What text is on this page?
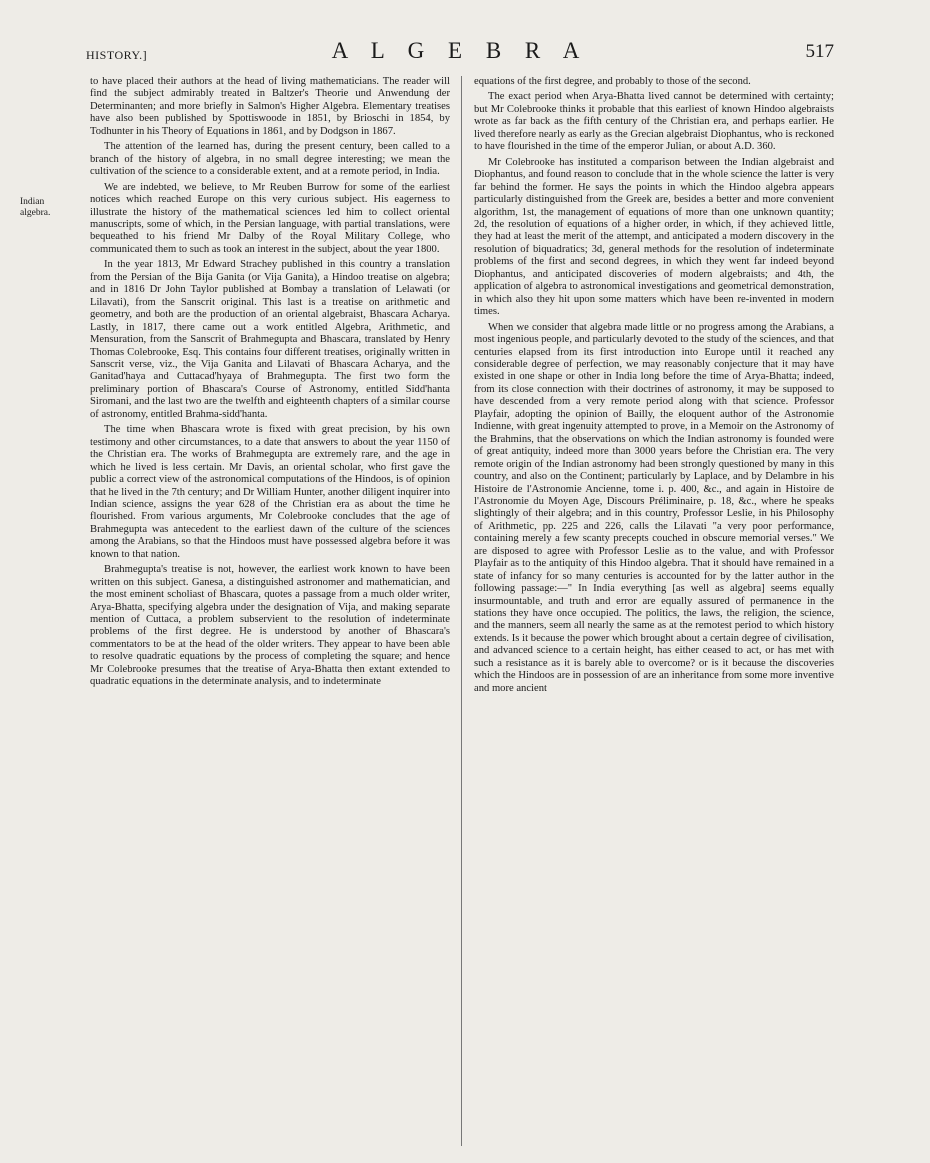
HISTORY.]	A L G E B R A	517
Indian
algebra.

to have placed their authors at the head of living mathematicians. The reader will find the subject admirably treated in Baltzer's Theorie und Anwendung der Determinanten; and more briefly in Salmon's Higher Algebra. Elementary treatises have also been published by Spottiswoode in 1851, by Brioschi in 1854, by Todhunter in his Theory of Equations in 1861, and by Dodgson in 1867.

The attention of the learned has, during the present century, been called to a branch of the history of algebra, in no small degree interesting; we mean the cultivation of the science to a considerable extent, and at a remote period, in India.

We are indebted, we believe, to Mr Reuben Burrow for some of the earliest notices which reached Europe on this very curious subject. His eagerness to illustrate the history of the mathematical sciences led him to collect oriental manuscripts, some of which, in the Persian language, with partial translations, were bequeathed to his friend Mr Dalby of the Royal Military College, who communicated them to such as took an interest in the subject, about the year 1800.

In the year 1813, Mr Edward Strachey published in this country a translation from the Persian of the Bija Ganita (or Vija Ganita), a Hindoo treatise on algebra; and in 1816 Dr John Taylor published at Bombay a translation of Lelawati (or Lilavati), from the Sanscrit original. This last is a treatise on arithmetic and geometry, and both are the production of an oriental algebraist, Bhascara Acharya. Lastly, in 1817, there came out a work entitled Algebra, Arithmetic, and Mensuration, from the Sanscrit of Brahmegupta and Bhascara, translated by Henry Thomas Colebrooke, Esq. This contains four different treatises, originally written in Sanscrit verse, viz., the Vija Ganita and Lilavati of Bhascara Acharya, and the Ganitad'haya and Cuttacad'hyaya of Brahmegupta. The first two form the preliminary portion of Bhascara's Course of Astronomy, entitled Sidd'hanta Siromani, and the last two are the twelfth and eighteenth chapters of a similar course of astronomy, entitled Brahma-sidd'hanta.

The time when Bhascara wrote is fixed with great precision, by his own testimony and other circumstances, to a date that answers to about the year 1150 of the Christian era. The works of Brahmegupta are extremely rare, and the age in which he lived is less certain. Mr Davis, an oriental scholar, who first gave the public a correct view of the astronomical computations of the Hindoos, is of opinion that he lived in the 7th century; and Dr William Hunter, another diligent inquirer into Indian science, assigns the year 628 of the Christian era as about the time he flourished. From various arguments, Mr Colebrooke concludes that the age of Brahmegupta was antecedent to the earliest dawn of the culture of the sciences among the Arabians, so that the Hindoos must have possessed algebra before it was known to that nation.

Brahmegupta's treatise is not, however, the earliest work known to have been written on this subject. Ganesa, a distinguished astronomer and mathematician, and the most eminent scholiast of Bhascara, quotes a passage from a much older writer, Arya-Bhatta, specifying algebra under the designation of Vija, and making separate mention of Cuttaca, a problem subservient to the resolution of indeterminate problems of the first degree. He is understood by another of Bhascara's commentators to be at the head of the older writers. They appear to have been able to resolve quadratic equations by the process of completing the square; and hence Mr Colebrooke presumes that the treatise of Arya-Bhatta then extant extended to quadratic equations in the determinate analysis, and to indeterminate

equations of the first degree, and probably to those of the second.

The exact period when Arya-Bhatta lived cannot be determined with certainty; but Mr Colebrooke thinks it probable that this earliest of known Hindoo algebraists wrote as far back as the fifth century of the Christian era, and perhaps earlier. He lived therefore nearly as early as the Grecian algebraist Diophantus, who is reckoned to have flourished in the time of the emperor Julian, or about A.D. 360.

Mr Colebrooke has instituted a comparison between the Indian algebraist and Diophantus, and found reason to conclude that in the whole science the latter is very far behind the former. He says the points in which the Hindoo algebra appears particularly distinguished from the Greek are, besides a better and more convenient algorithm, 1st, the management of equations of more than one unknown quantity; 2d, the resolution of equations of a higher order, in which, if they achieved little, they had at least the merit of the attempt, and anticipated a modern discovery in the resolution of biquadratics; 3d, general methods for the resolution of indeterminate problems of the first and second degrees, in which they went far indeed beyond Diophantus, and anticipated discoveries of modern algebraists; and 4th, the application of algebra to astronomical investigations and geometrical demonstration, in which also they hit upon some matters which have been re-invented in modern times.

When we consider that algebra made little or no progress among the Arabians, a most ingenious people, and particularly devoted to the study of the sciences, and that centuries elapsed from its first introduction into Europe until it reached any considerable degree of perfection, we may reasonably conjecture that it may have existed in one shape or other in India long before the time of Arya-Bhatta; indeed, from its close connection with their doctrines of astronomy, it may be supposed to have descended from a very remote period along with that science. Professor Playfair, adopting the opinion of Bailly, the eloquent author of the Astronomie Indienne, with great ingenuity attempted to prove, in a Memoir on the Astronomy of the Brahmins, that the observations on which the Indian astronomy is founded were of great antiquity, indeed more than 3000 years before the Christian era. The very remote origin of the Indian astronomy had been strongly questioned by many in this country, and also on the Continent; particularly by Laplace, and by Delambre in his Histoire de l'Astronomie Ancienne, tome i. p. 400, &c., and again in Histoire de l'Astronomie du Moyen Age, Discours Préliminaire, p. 18, &c., where he speaks slightingly of their algebra; and in this country, Professor Leslie, in his Philosophy of Arithmetic, pp. 225 and 226, calls the Lilavati "a very poor performance, containing merely a few scanty precepts couched in obscure memorial verses." We are disposed to agree with Professor Leslie as to the value, and with Professor Playfair as to the antiquity of this Hindoo algebra. That it should have remained in a state of infancy for so many centuries is accounted for by the latter author in the following passage:—" In India everything [as well as algebra] seems equally insurmountable, and truth and error are equally assured of permanence in the stations they have once occupied. The politics, the laws, the religion, the science, and the manners, seem all nearly the same as at the remotest period to which history extends. Is it because the power which brought about a certain degree of civilisation, and advanced science to a certain height, has either ceased to act, or has met with such a resistance as it is barely able to overcome? or is it because the discoveries which the Hindoos are in possession of are an inheritance from some more inventive and more ancient
